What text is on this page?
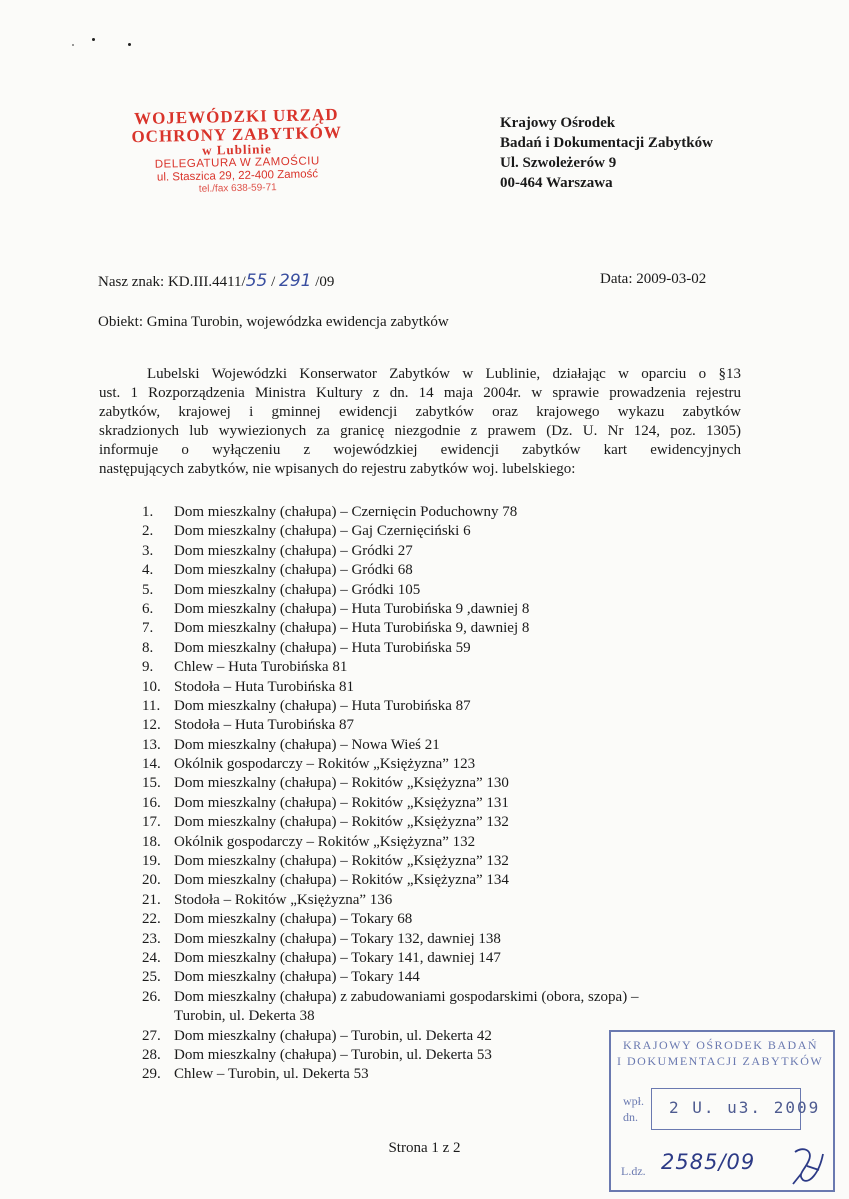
WOJEWÓDZKI URZĄD
OCHRONY ZABYTKÓW
w Lublinie
DELEGATURA W ZAMOŚCIU
ul. Staszica 29, 22-400 Zamość
tel./fax 638-59-71
Krajowy Ośrodek
Badań i Dokumentacji Zabytków
Ul. Szwoleżerów 9
00-464 Warszawa
Nasz znak: KD.III.4411/55 / 291 /09	Data: 2009-03-02
Obiekt: Gmina Turobin, wojewódzka ewidencja zabytków
Lubelski Wojewódzki Konserwator Zabytków w Lublinie, działając w oparciu o §13
ust. 1 Rozporządzenia Ministra Kultury z dn. 14 maja 2004r. w sprawie prowadzenia rejestru
zabytków, krajowej i gminnej ewidencji zabytków oraz krajowego wykazu zabytków
skradzionych lub wywiezionych za granicę niezgodnie z prawem (Dz. U. Nr 124, poz. 1305)
informuje o wyłączeniu z wojewódzkiej ewidencji zabytków kart ewidencyjnych
następujących zabytków, nie wpisanych do rejestru zabytków woj. lubelskiego:
1. Dom mieszkalny (chałupa) – Czernięcin Poduchowny 78
2. Dom mieszkalny (chałupa) – Gaj Czernięciński 6
3. Dom mieszkalny (chałupa) – Gródki 27
4. Dom mieszkalny (chałupa) – Gródki 68
5. Dom mieszkalny (chałupa) – Gródki 105
6. Dom mieszkalny (chałupa) – Huta Turobińska 9 ,dawniej 8
7. Dom mieszkalny (chałupa) – Huta Turobińska 9, dawniej 8
8. Dom mieszkalny (chałupa) – Huta Turobińska 59
9. Chlew – Huta Turobińska 81
10. Stodoła – Huta Turobińska 81
11. Dom mieszkalny (chałupa) – Huta Turobińska 87
12. Stodoła – Huta Turobińska 87
13. Dom mieszkalny (chałupa) – Nowa Wieś 21
14. Okólnik gospodarczy – Rokitów „Księżyzna” 123
15. Dom mieszkalny (chałupa) – Rokitów „Księżyzna” 130
16. Dom mieszkalny (chałupa) – Rokitów „Księżyzna” 131
17. Dom mieszkalny (chałupa) – Rokitów „Księżyzna” 132
18. Okólnik gospodarczy – Rokitów „Księżyzna” 132
19. Dom mieszkalny (chałupa) – Rokitów „Księżyzna” 132
20. Dom mieszkalny (chałupa) – Rokitów „Księżyzna” 134
21. Stodoła – Rokitów „Księżyzna” 136
22. Dom mieszkalny (chałupa) – Tokary 68
23. Dom mieszkalny (chałupa) – Tokary 132, dawniej 138
24. Dom mieszkalny (chałupa) – Tokary 141, dawniej 147
25. Dom mieszkalny (chałupa) – Tokary 144
26. Dom mieszkalny (chałupa) z zabudowaniami gospodarskimi (obora, szopa) –
Turobin, ul. Dekerta 38
27. Dom mieszkalny (chałupa) – Turobin, ul. Dekerta 42
28. Dom mieszkalny (chałupa) – Turobin, ul. Dekerta 53
29. Chlew – Turobin, ul. Dekerta 53
Strona 1 z 2
KRAJOWY OŚRODEK BADAŃ
I DOKUMENTACJI ZABYTKÓW
wpł.
dn. 2 U. u3. 2009
L.dz. 2585/09
